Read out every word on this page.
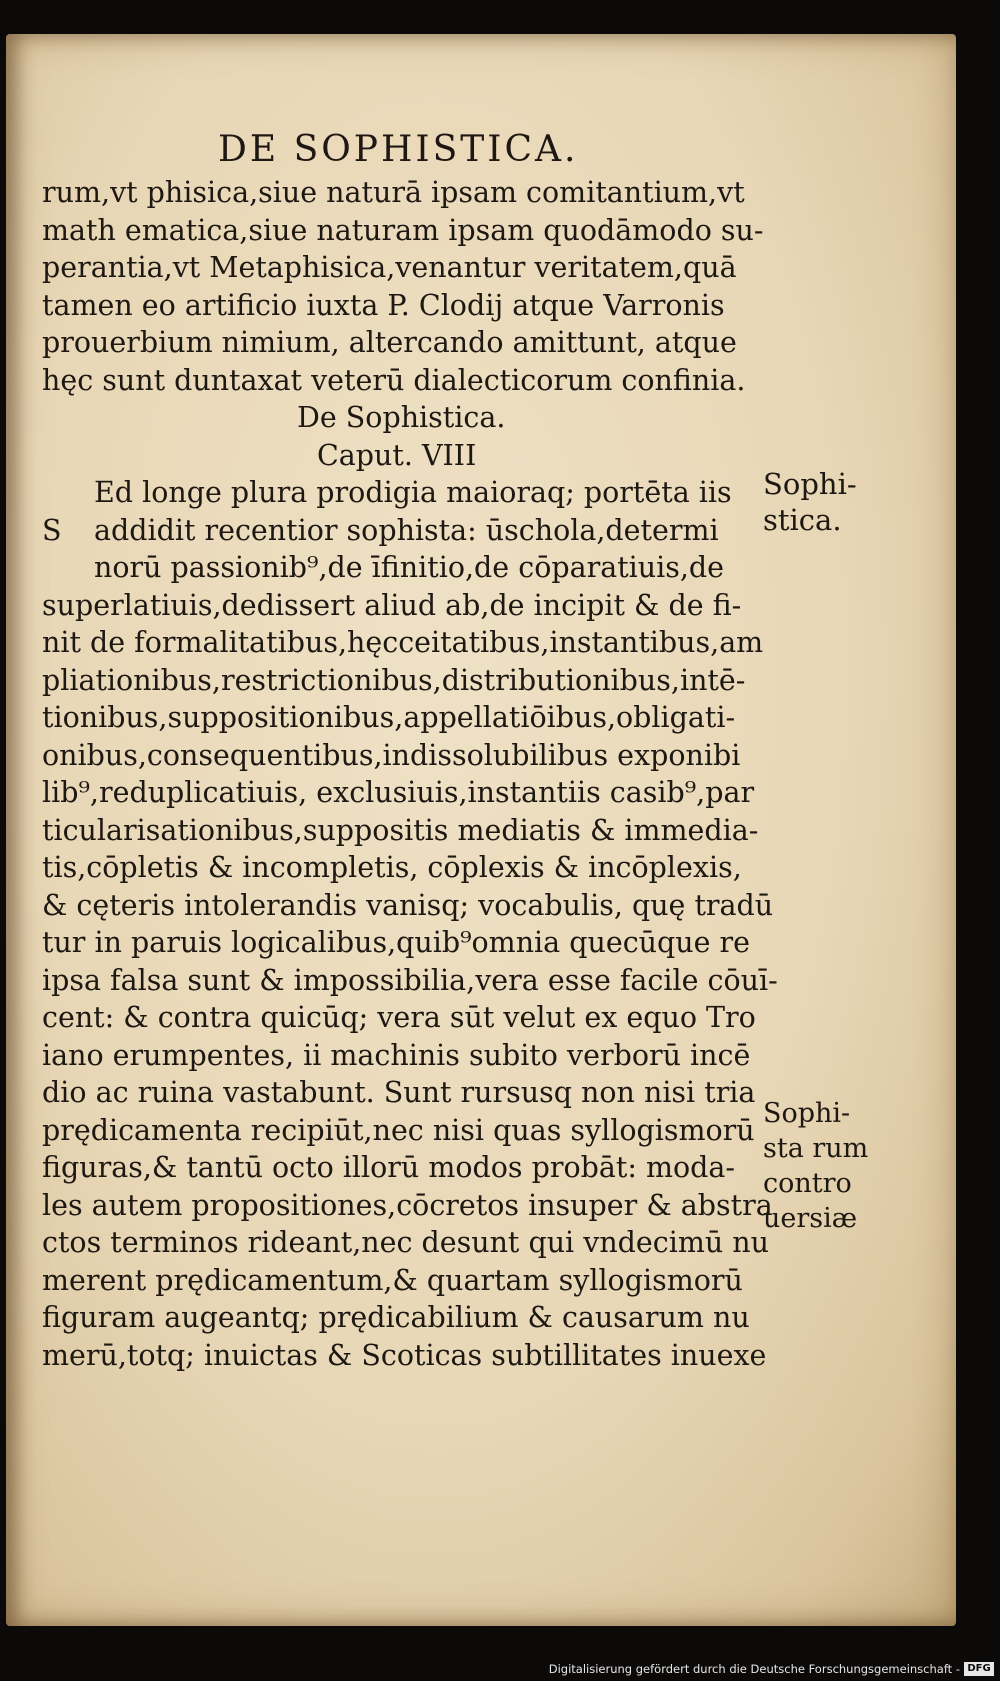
DE SOPHISTICA.
rum,vt phisica,siue naturā ipsam comitantium,vt
math ematica,siue naturam ipsam quodāmodo su-
perantia,vt Metaphisica,venantur veritatem,quā
tamen eo artificio iuxta P. Clodij atque Varronis
prouerbium nimium, altercando amittunt, atque
hęc sunt duntaxat veterū dialecticorum confinia.
De Sophistica.
Caput. VIII
Ed longe plura prodigia maioraq; portēta iis
S addidit recentior sophista: ūschola,determi
norū passionib⁹,de īfinitio,de cōparatiuis,de
superlatiuis,dedissert aliud ab,de incipit & de fi-
nit de formalitatibus,hęcceitatibus,instantibus,am
pliationibus,restrictionibus,distributionibus,intē-
tionibus,suppositionibus,appellatiōibus,obligati-
onibus,consequentibus,indissolubilibus exponibi
lib⁹,reduplicatiuis, exclusiuis,instantiis casib⁹,par
ticularisationibus,suppositis mediatis & immedia-
tis,cōpletis & incompletis, cōplexis & incōplexis,
& cęteris intolerandis vanisq; vocabulis, quę tradū
tur in paruis logicalibus,quib⁹omnia quecūque re
ipsa falsa sunt & impossibilia,vera esse facile cōuī-
cent: & contra quicūq; vera sūt velut ex equo Tro
iano erumpentes, ii machinis subito verborū incē
dio ac ruina vastabunt. Sunt rursusq non nisi tria
prędicamenta recipiūt,nec nisi quas syllogismorū
figuras,& tantū octo illorū modos probāt: moda-
les autem propositiones,cōcretos insuper & abstra
ctos terminos rideant,nec desunt qui vndecimū nu
merent prędicamentum,& quartam syllogismorū
figuram augeantq; prędicabilium & causarum nu
merū,totq; inuictas & Scoticas subtillitates inuexe
Sophi-
stica.
Sophi-
sta rum
contro
uersiæ
Digitalisierung gefördert durch die Deutsche Forschungsgemeinschaft - DFG
